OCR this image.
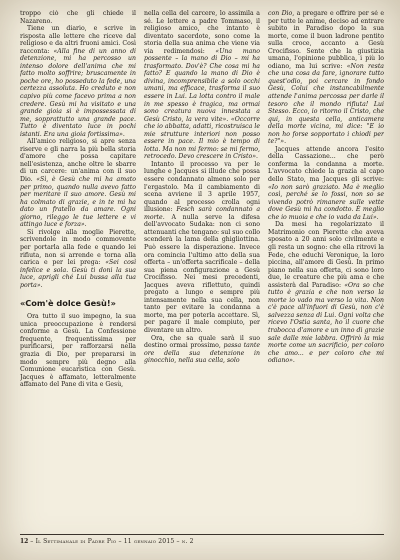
troppo ciò che gli chiede il Nazareno.

Tiene un diario, e scrive in risposta alle lettere che riceve dal religioso e da altri fruoni amici. Così racconta: «Alla fine di un anno di detenzione, mi ha percosso un intenso dolore dell'anima che mi fatto molto soffrire; bruscamente in poche ore, ho posseduto la fede, una certezza assoluta. Ho creduto e non capivo più come facevo prima a non credere. Gesù mi ha visitato e una grande gioia si è impossessata di me, sopprattutto una grande pace. Tutto è diventato luce in pochi istanti. Era una gioia fortissima».

All'amico religioso, si apre senza riserve e gli narra la più bella storia d'amore che possa capitare nell'esistenza, anche oltre le sbarre di un carcere: un'anima con il suo Dio. «Sì, è Gesù che mi ha amato per primo, quando nulla avevo fatto per meritare il suo amore. Gesù mi ha colmato di grazie, e in te mi ha dato un fratello da amare. Ogni giorno, rileggo le tue lettere e vi attingo luce e forza».

Si rivolge alla moglie Pierette, scrivendole in modo commovente per portarla alla fede e quando lei rifiuta, non si arrende e torna alla carica e per lei prega: «Sei così infelice e sola. Gesù ti doni la sua luce, aprigli ché Lui bussa alla tua porta».

«Com'è dolce Gesù!»

Ora tutto il suo impegno, la sua unica preoccupazione è rendersi conforme a Gesù. La Confessione frequente, frequentissima per purificarsi, per rafforzarsi nella grazia di Dio, per prepararsi in modo sempre più degno alla Comunione eucaristica con Gesù. Jacques è affamato, letteralmente affamato del Pane di vita e Gesù,

nella cella del carcere, lo assimila a sé. Le lettere a padre Tommaso, il religioso amico, che intanto è diventato sacerdote, sono come la storia della sua anima che viene via via redimendosi: «Una mano possente – la mano di Dio – mi ha trasformato. Dov'è? Che cosa mi ha fatto? E quando la mano di Dio è divina, incomprensibile a solo occhi umani, ma efficace, trasforma il suo essere in Lui. La lotta contro il male in me spesso è tragica, ma ormai sono creatura nuova innestata a Gesù Cristo, la vera vite». «Occorre che io abbatta, adatti, ricostruisca le mie strutture interiori non posso essere in pace. Il mio è tempo di lotta. Ma non mi fermo: se mi fermo, retrocedo. Devo crescere in Cristo».

Intanto il processo va per le lunghe e Jacques si illude che possa essere condannato almeno solo per l'ergastolo. Ma il cambiamento di scena avviene il 3 aprile 1957, quando al processo crolla ogni illusione: Fesch sarà condannato a morte. A nulla serve la difesa dell'avvocato Sudaka: non ci sono attenuanti che tengano: sul suo collo scenderà la lama della ghigliottina. Può essere la disperazione. Invece ora comincia l'ultimo atto della sua offerta – un'offerta sacrificale – della sua piena configurazione a Gesù Crocifisso. Nei mesi precedenti, Jacques aveva riflettuto, quindi pregato a lungo e sempre più intensamente nella sua cella, non tanto per evitare la condanna a morte, ma per poterla accettare. Sì, per pagare il male compiuto, per diventare un altro.

Ora, che sa quale sarà il suo destino ormai prossimo, passa tante ore della sua detenzione in ginocchio, nella sua cella, solo

con Dio, a pregare e offrire per sé e per tutte le anime, deciso ad entrare subito in Paradiso dopo la sua morte, come il buon ladrone pentito sulla croce, accanto a Gesù Crocifisso. Sente che la giustizia umana, l'opinione pubblica, i più lo odiano, ma lui scrive: «Non resta che una cosa da fare, ignorare tutto quest'odio, poi cercare in fondo Gesù, Colui che instancabilmente attende l'anima percossa per darle il tesoro che il mondo rifiuta! Lui Stesso. Ecco, io ritorno il Cristo, che qui, in questa cella, anticamera della morte vicina, mi dice: "E io non ho forse sopportato i chiodi per te?"».

Jacques attende ancora l'esito della Cassazione... che però conferma la condanna a morte. L'avvocato chiede la grazia al capo dello Stato, ma Jacques gli scrive: «Io non sarò graziato. Ma è meglio così, perché se lo fossi, non so se vivendo potrò rimanere sulle vette dove Gesù mi ha condotto. È meglio che io muoia e che io vada da Lui».

Da mesi ha regolarizzato il Matrimonio con Pierette che aveva sposato a 20 anni solo civilmente e gli resta un sogno: che ella ritrovi la Fede, che educhi Veronique, la loro piccina, all'amore di Gesù. In primo piano nella sua offerta, ci sono loro due, le creature che più ama e che assisterà dal Paradiso: «Ora so che tutto è grazia e che non verso la morte io vado ma verso la vita. Non c'è pace all'infuori di Gesù, non c'è salvezza senza di Lui. Ogni volta che ricevo l'Ostia santa, ho il cuore che trabocca d'amore e un inno di grazie sale dalle mie labbra. Offrirò la mia morte come un sacrificio, per coloro che amo... e per coloro che mi odiano».

12 – Il Settimanale di Padre Pio – 11 gennaio 2015 – n. 2
